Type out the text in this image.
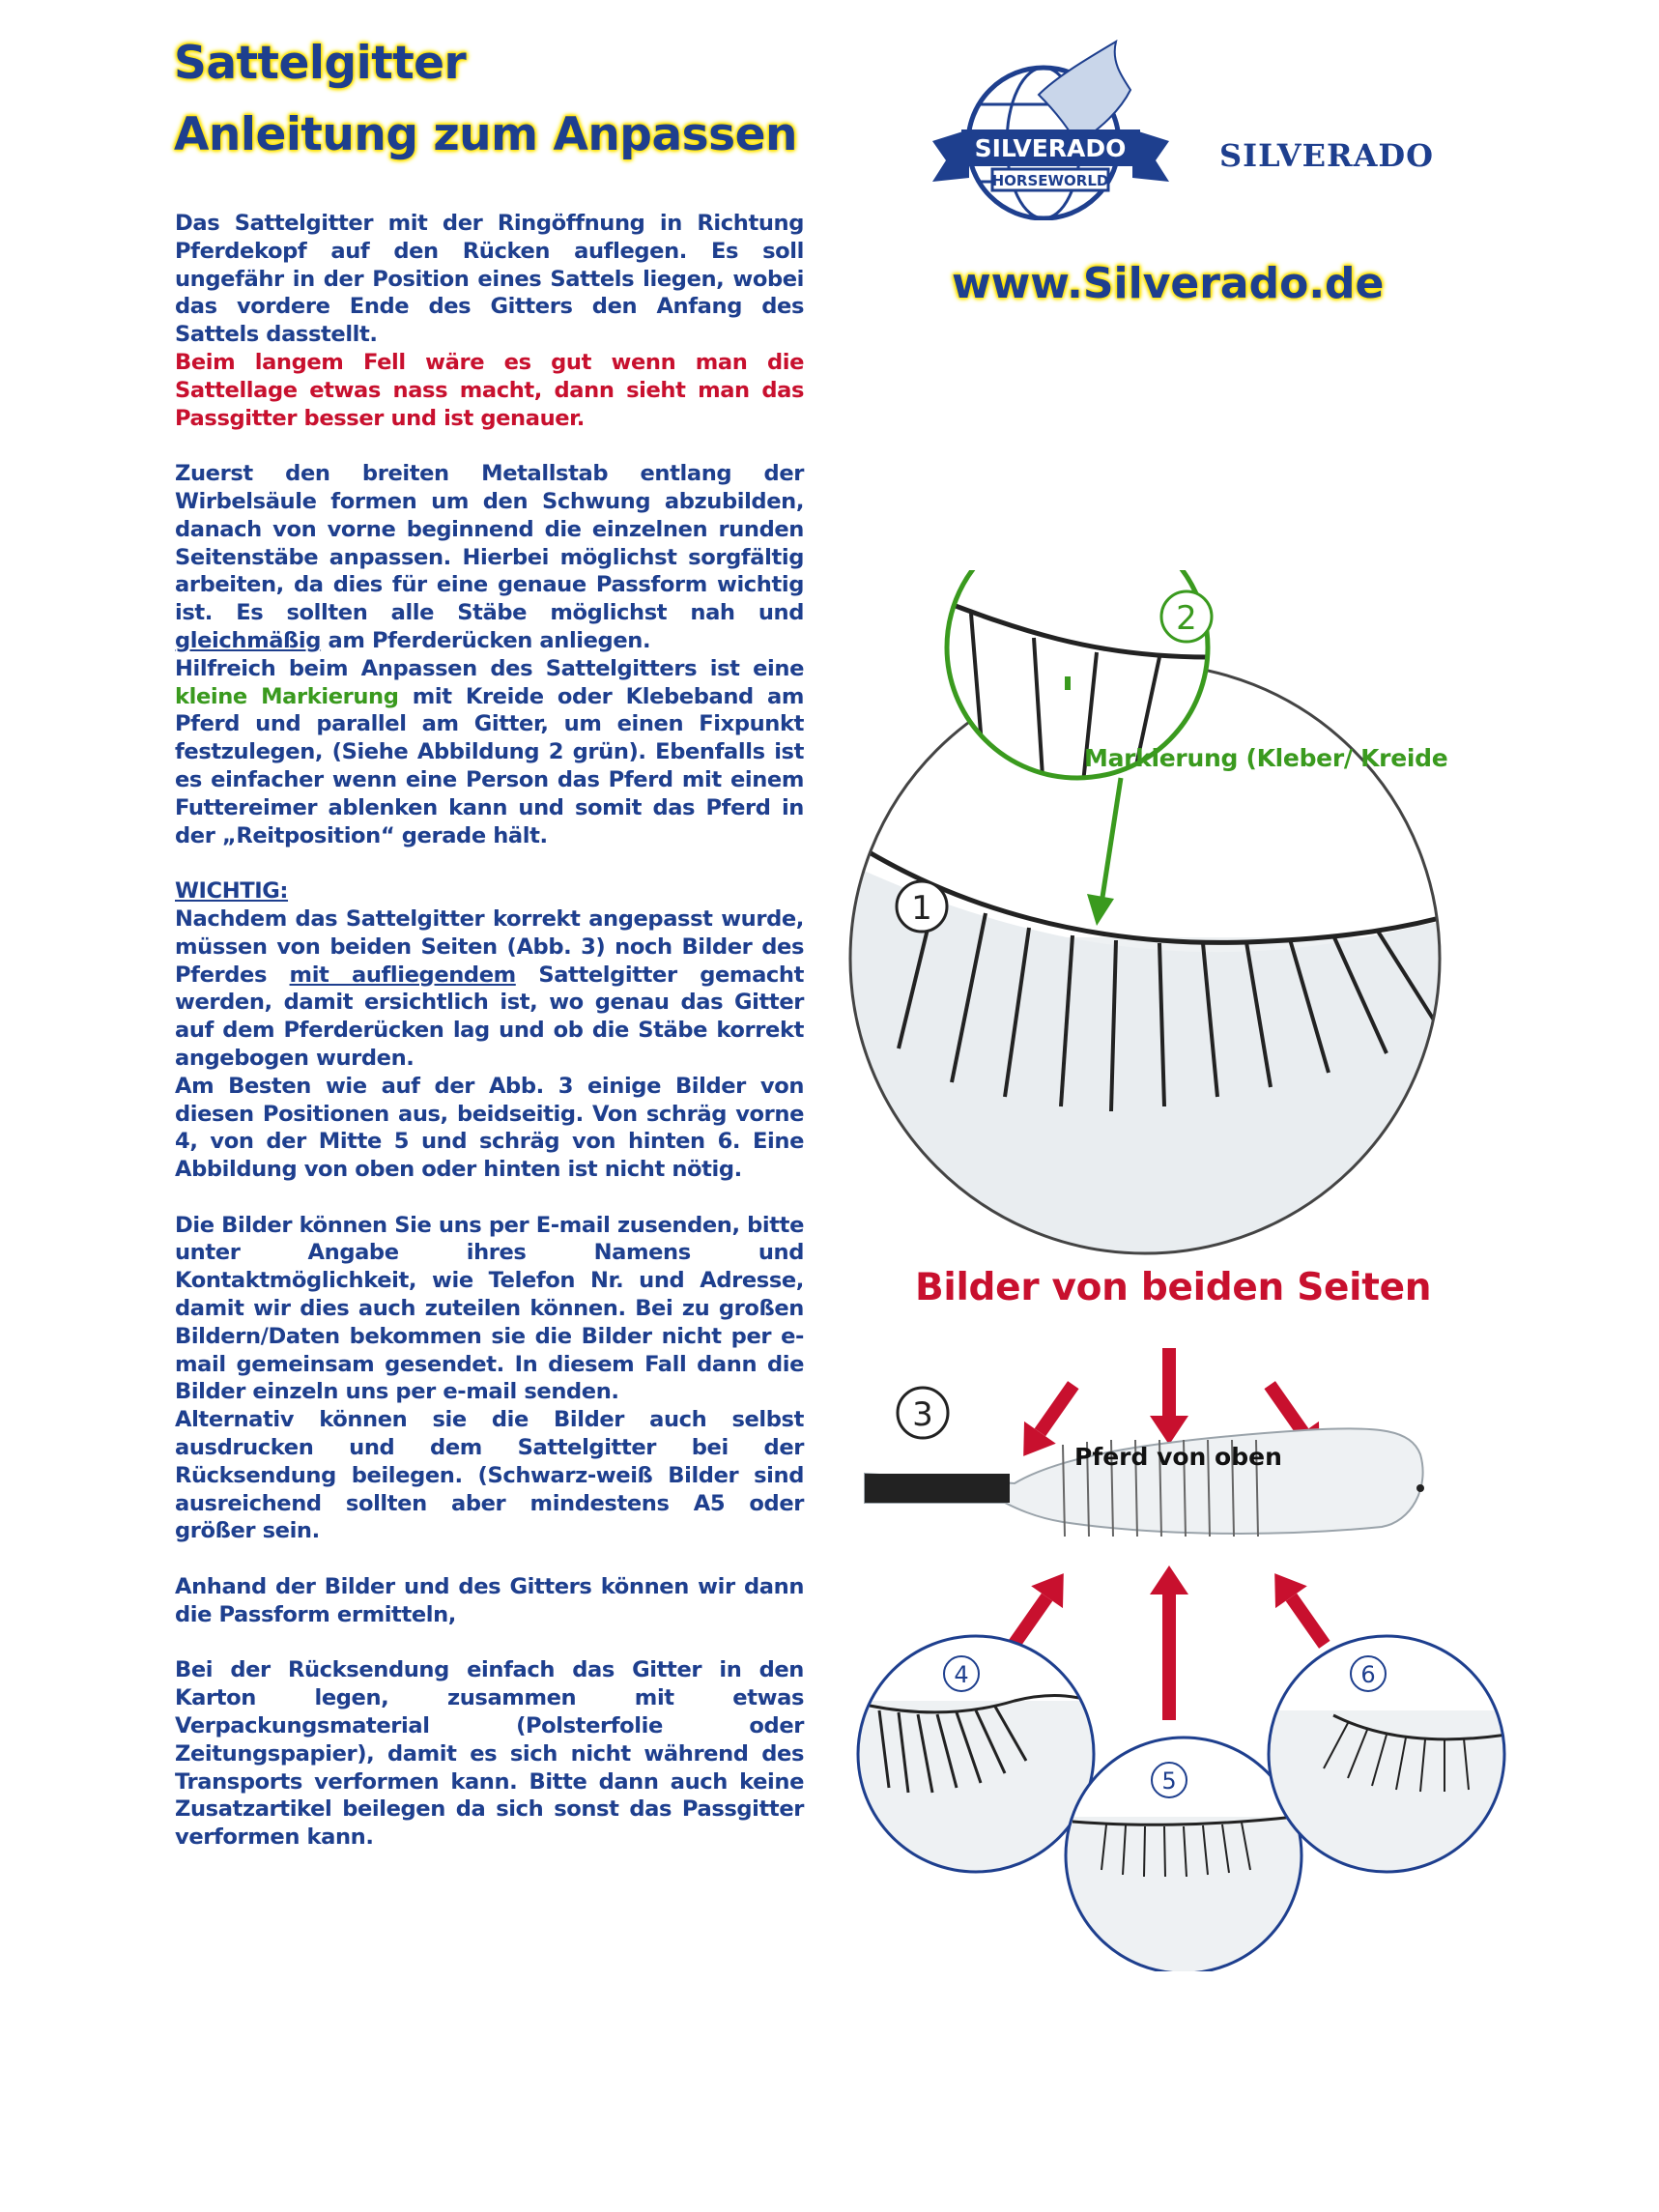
Sattelgitter
Anleitung zum Anpassen	SILVERADO
HORSEWORLD
SILVERADO
www.Silverado.de

Das Sattelgitter mit der Ringöffnung in Richtung Pferdekopf auf den Rücken auflegen. Es soll ungefähr in der Position eines Sattels liegen, wobei das vordere Ende des Gitters den Anfang des Sattels dasstellt.

Beim langem Fell wäre es gut wenn man die Sattellage etwas nass macht, dann sieht man das Passgitter besser und ist genauer.

Zuerst den breiten Metallstab entlang der Wirbelsäule formen um den Schwung abzubilden, danach von vorne beginnend die einzelnen runden Seitenstäbe anpassen. Hierbei möglichst sorgfältig arbeiten, da dies für eine genaue Passform wichtig ist. Es sollten alle Stäbe möglichst nah und gleichmäßig am Pferderücken anliegen.

Hilfreich beim Anpassen des Sattelgitters ist eine kleine Markierung mit Kreide oder Klebeband am Pferd und parallel am Gitter, um einen Fixpunkt festzulegen, (Siehe Abbildung 2 grün). Ebenfalls ist es einfacher wenn eine Person das Pferd mit einem Futtereimer ablenken kann und somit das Pferd in der „Reitposition“ gerade hält.

WICHTIG:

Nachdem das Sattelgitter korrekt angepasst wurde, müssen von beiden Seiten (Abb. 3) noch Bilder des Pferdes mit aufliegendem Sattelgitter gemacht werden, damit ersichtlich ist, wo genau das Gitter auf dem Pferderücken lag und ob die Stäbe korrekt angebogen wurden.

Am Besten wie auf der Abb. 3 einige Bilder von diesen Positionen aus, beidseitig. Von schräg vorne 4, von der Mitte 5 und schräg von hinten 6. Eine Abbildung von oben oder hinten ist nicht nötig.

Die Bilder können Sie uns per E-mail zusenden, bitte unter Angabe ihres Namens und Kontaktmöglichkeit, wie Telefon Nr. und Adresse, damit wir dies auch zuteilen können. Bei zu großen Bildern/Daten bekommen sie die Bilder nicht per e-mail gemeinsam gesendet. In diesem Fall dann die Bilder einzeln uns per e-mail senden.

Alternativ können sie die Bilder auch selbst ausdrucken und dem Sattelgitter bei der Rücksendung beilegen. (Schwarz-weiß Bilder sind ausreichend sollten aber mindestens A5 oder größer sein.

Anhand der Bilder und des Gitters können wir dann die Passform ermitteln,

Bei der Rücksendung einfach das Gitter in den Karton legen, zusammen mit etwas Verpackungsmaterial (Polsterfolie oder Zeitungspapier), damit es sich nicht während des Transports verformen kann. Bitte dann auch keine Zusatzartikel beilegen da sich sonst das Passgitter verformen kann.

1
2
3
4
5
6
Markierung (Kleber/ Kreide
Bilder von beiden Seiten
Pferd von oben
